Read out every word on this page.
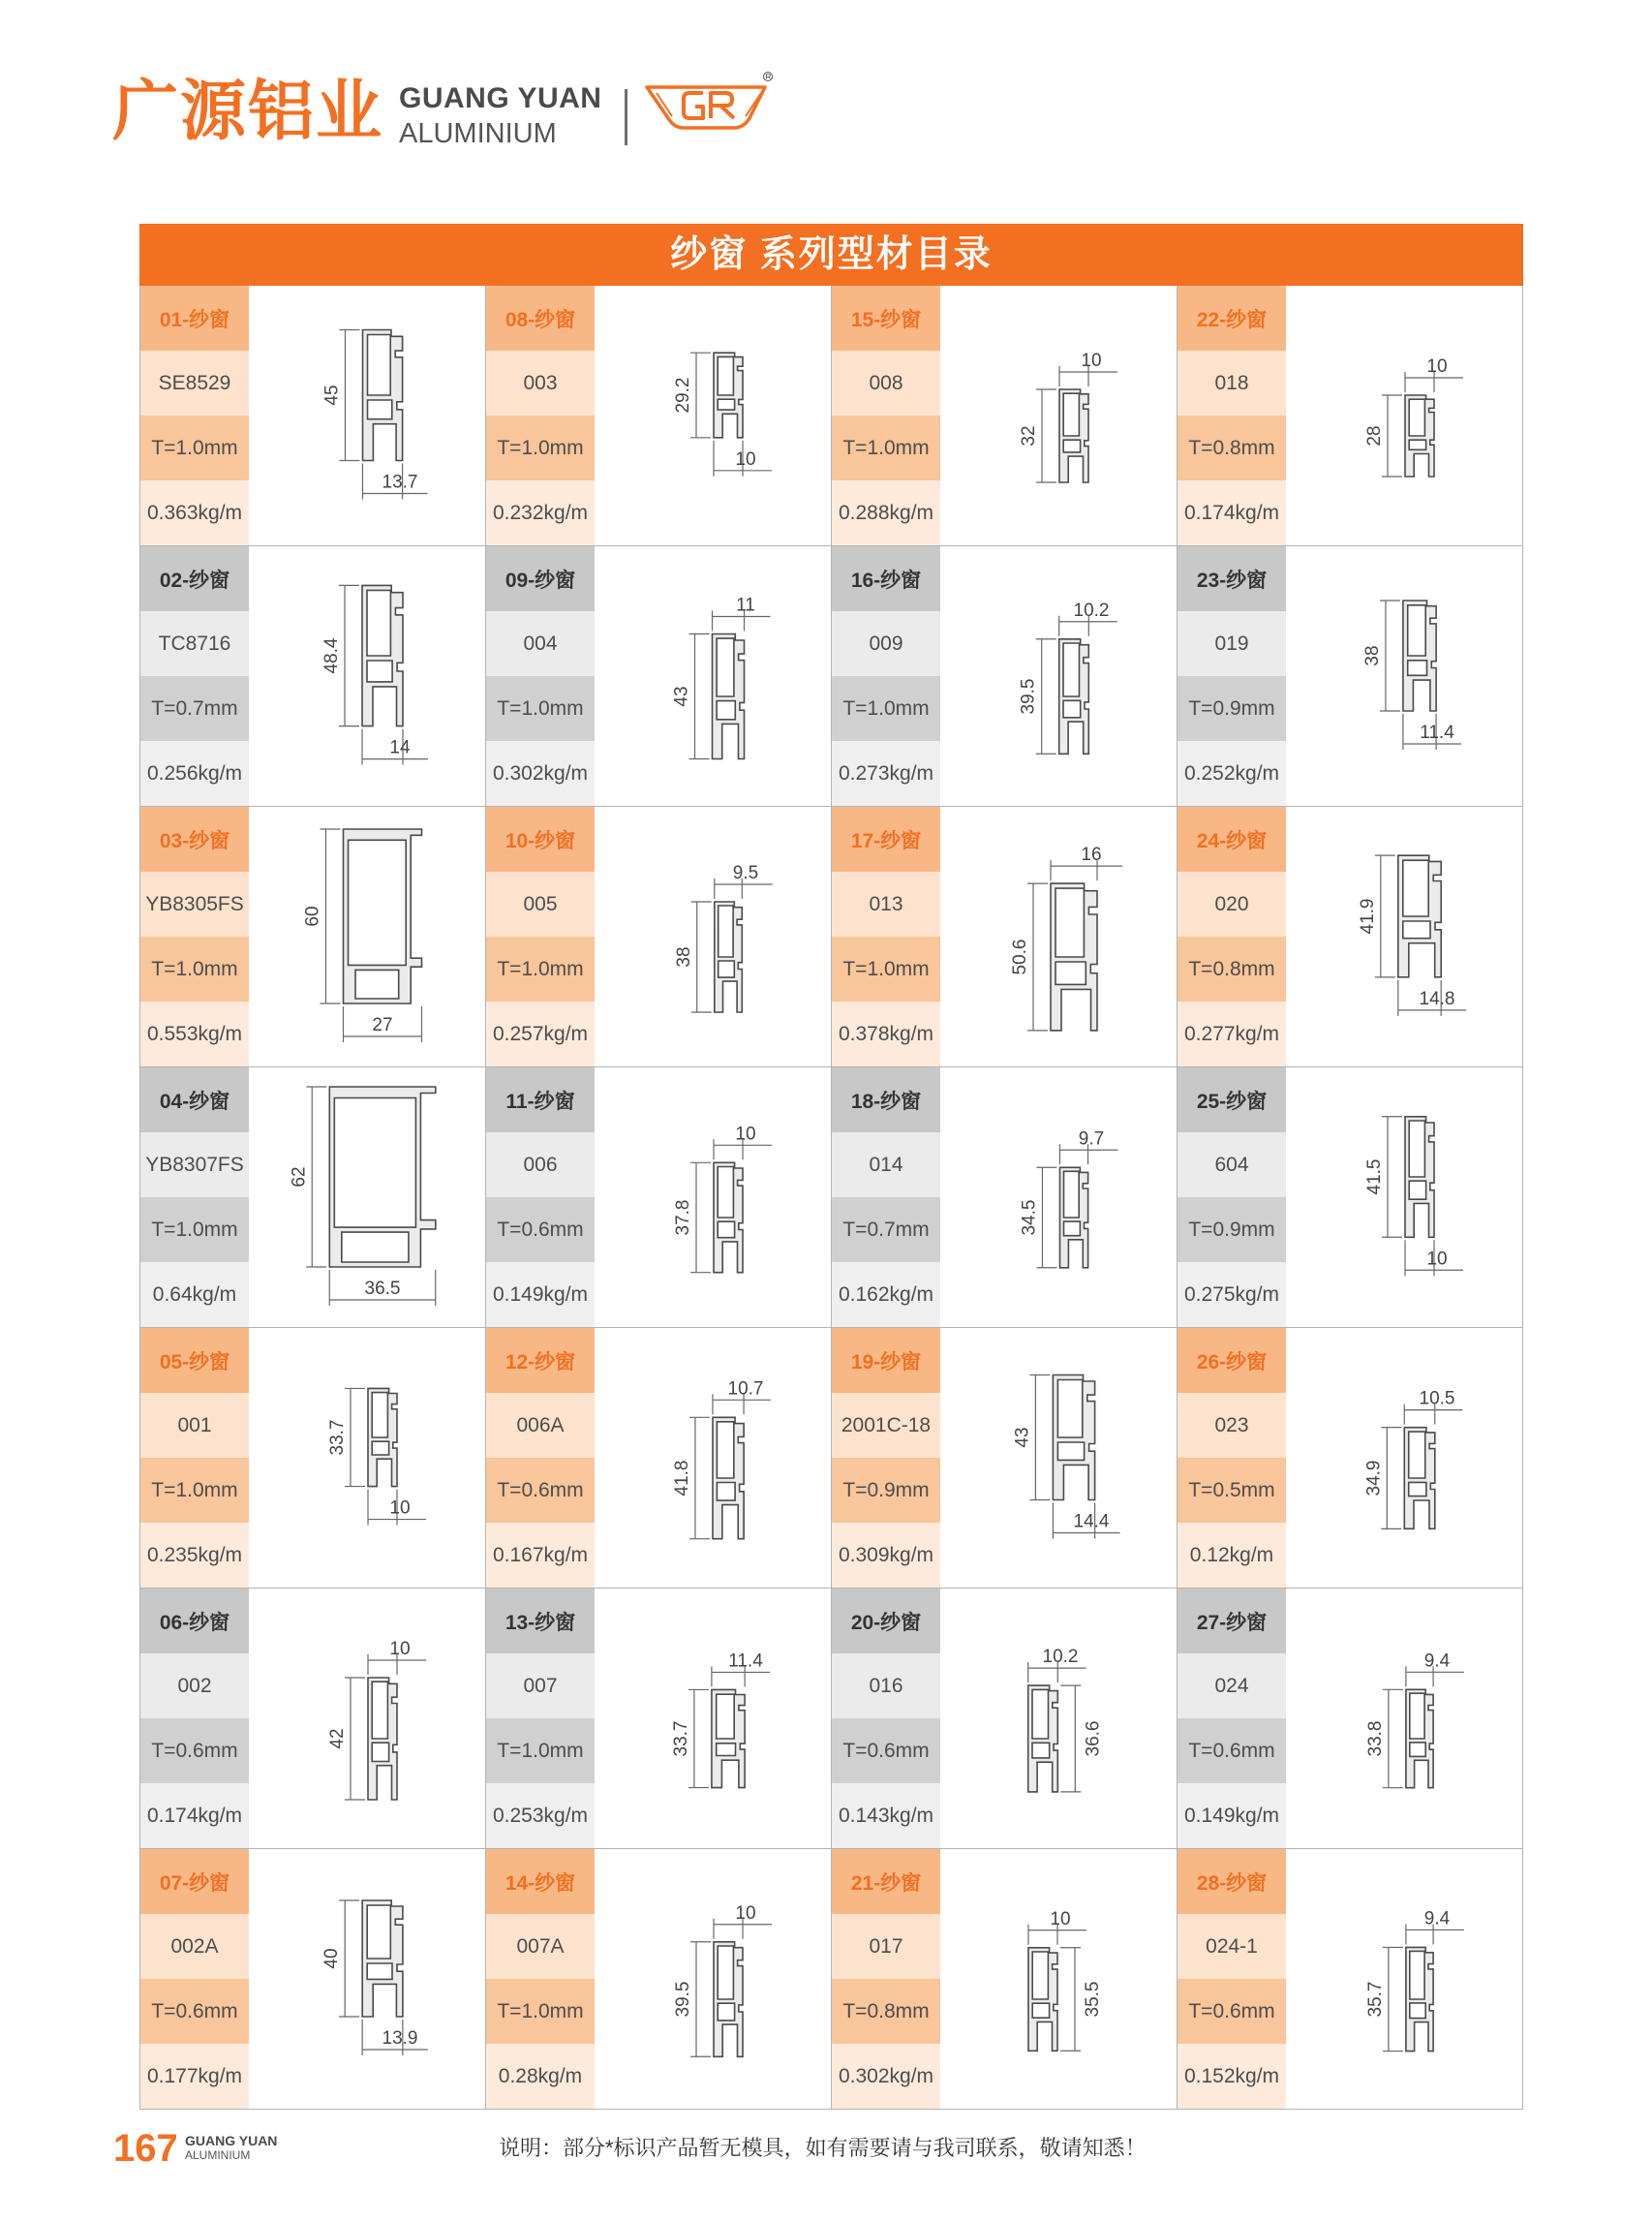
广源铝业 GUANG YUAN
ALUMINIUM
纱窗 系列型材目录
01-纱窗
SE8529
T=1.0mm
0.363kg/m
45
13.7
02-纱窗
TC8716
T=0.7mm
0.256kg/m
48.4
14
03-纱窗
YB8305FS
T=1.0mm
0.553kg/m
60
27
04-纱窗
YB8307FS
T=1.0mm
0.64kg/m
62
36.5
05-纱窗
001
T=1.0mm
0.235kg/m
33.7
10
06-纱窗
002
T=0.6mm
0.174kg/m
42
10
07-纱窗
002A
T=0.6mm
0.177kg/m
40
13.9
08-纱窗
003
T=1.0mm
0.232kg/m
29.2
10
09-纱窗
004
T=1.0mm
0.302kg/m
43
11
10-纱窗
005
T=1.0mm
0.257kg/m
38
9.5
11-纱窗
006
T=0.6mm
0.149kg/m
37.8
10
12-纱窗
006A
T=0.6mm
0.167kg/m
41.8
10.7
13-纱窗
007
T=1.0mm
0.253kg/m
33.7
11.4
14-纱窗
007A
T=1.0mm
0.28kg/m
39.5
10
15-纱窗
008
T=1.0mm
0.288kg/m
32
10
16-纱窗
009
T=1.0mm
0.273kg/m
39.5
10.2
17-纱窗
013
T=1.0mm
0.378kg/m
50.6
16
18-纱窗
014
T=0.7mm
0.162kg/m
34.5
9.7
19-纱窗
2001C-18
T=0.9mm
0.309kg/m
43
14.4
20-纱窗
016
T=0.6mm
0.143kg/m
36.6
10.2
21-纱窗
017
T=0.8mm
0.302kg/m
35.5
10
22-纱窗
018
T=0.8mm
0.174kg/m
28
10
23-纱窗
019
T=0.9mm
0.252kg/m
38
11.4
24-纱窗
020
T=0.8mm
0.277kg/m
41.9
14.8
25-纱窗
604
T=0.9mm
0.275kg/m
41.5
10
26-纱窗
023
T=0.5mm
0.12kg/m
34.9
10.5
27-纱窗
024
T=0.6mm
0.149kg/m
33.8
9.4
28-纱窗
024-1
T=0.6mm
0.152kg/m
35.7
9.4
167 GUANG YUAN
ALUMINIUM	说明：部分*标识产品暂无模具，如有需要请与我司联系，敬请知悉！
